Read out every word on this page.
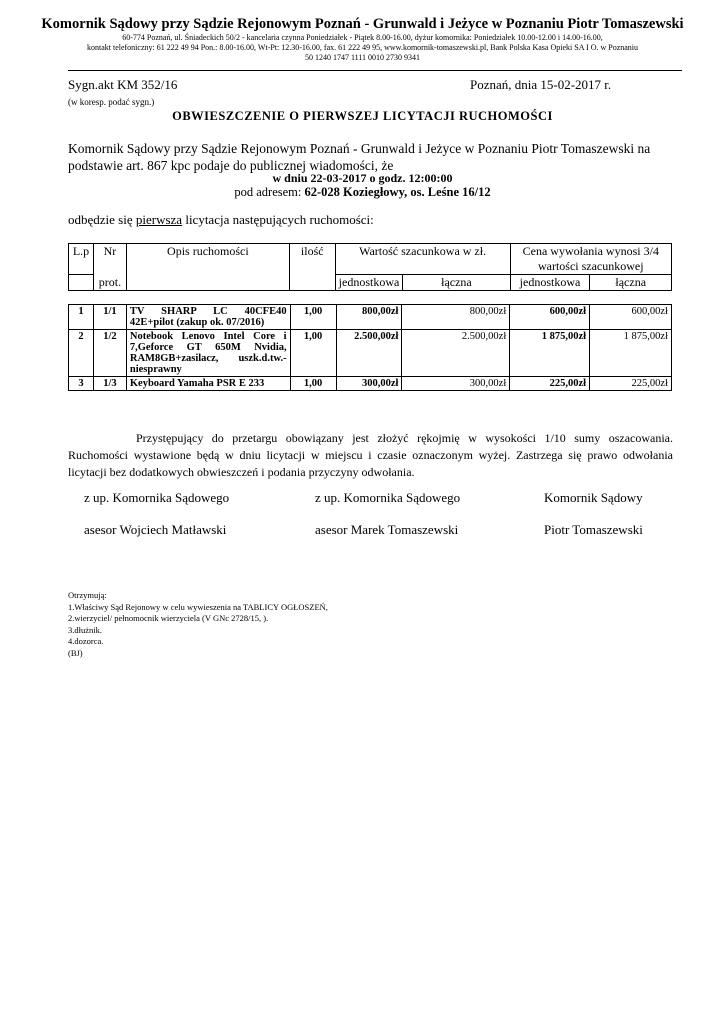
Komornik Sądowy przy Sądzie Rejonowym Poznań - Grunwald i Jeżyce w Poznaniu Piotr Tomaszewski
60-774 Poznań, ul. Śniadeckich 50/2 - kancelaria czynna Poniedziałek - Piątek 8.00-16.00, dyżur komornika: Poniedziałek 10.00-12.00 i 14.00-16.00,
kontakt telefoniczny: 61 222 49 94 Pon.: 8.00-16.00, Wt-Pt: 12.30-16.00, fax. 61 222 49 95, www.komornik-tomaszewski.pl, Bank Polska Kasa Opieki SA I O. w Poznaniu
50 1240 1747 1111 0010 2730 9341
Sygn.akt KM 352/16	Poznań, dnia 15-02-2017 r.
(w koresp. podać sygn.)
OBWIESZCZENIE O PIERWSZEJ LICYTACJI RUCHOMOŚCI
Komornik Sądowy przy Sądzie Rejonowym Poznań - Grunwald i Jeżyce w Poznaniu Piotr Tomaszewski na
podstawie art. 867 kpc podaje do publicznej wiadomości, że
w dniu 22-03-2017 o godz. 12:00:00
pod adresem: 62-028 Koziegłowy, os. Leśne 16/12
odbędzie się pierwsza licytacja następujących ruchomości:
L.p	Nr	Opis ruchomości	ilość	Wartość szacunkowa w zł.		Cena wywołania wynosi 3/4 wartości szacunkowej	
	prot.			jednostkowa	łączna	jednostkowa	łączna
1	1/1	TV SHARP LC 40CFE40 42E+pilot (zakup ok. 07/2016)	1,00	800,00zł	800,00zł	600,00zł	600,00zł
2	1/2	Notebook Lenovo Intel Core i 7,Geforce GT 650M Nvidia, RAM8GB+zasilacz, uszk.d.tw.-niesprawny	1,00	2.500,00zł	2.500,00zł	1 875,00zł	1 875,00zł
3	1/3	Keyboard Yamaha PSR E 233	1,00	300,00zł	300,00zł	225,00zł	225,00zł
Przystępujący do przetargu obowiązany jest złożyć rękojmię w wysokości 1/10 sumy oszacowania. Ruchomości wystawione będą w dniu licytacji w miejscu i czasie oznaczonym wyżej. Zastrzega się prawo odwołania licytacji bez dodatkowych obwieszczeń i podania przyczyny odwołania.
z up. Komornika Sądowego	z up. Komornika Sądowego	Komornik Sądowy
asesor Wojciech Matławski	asesor Marek Tomaszewski	Piotr Tomaszewski
Otrzymują:
1.Właściwy Sąd Rejonowy w celu wywieszenia na TABLICY OGŁOSZEŃ,
2.wierzyciel/ pełnomocnik wierzyciela (V GNc 2728/15, ).
3.dłużnik.
4.dozorca.
(BJ)
